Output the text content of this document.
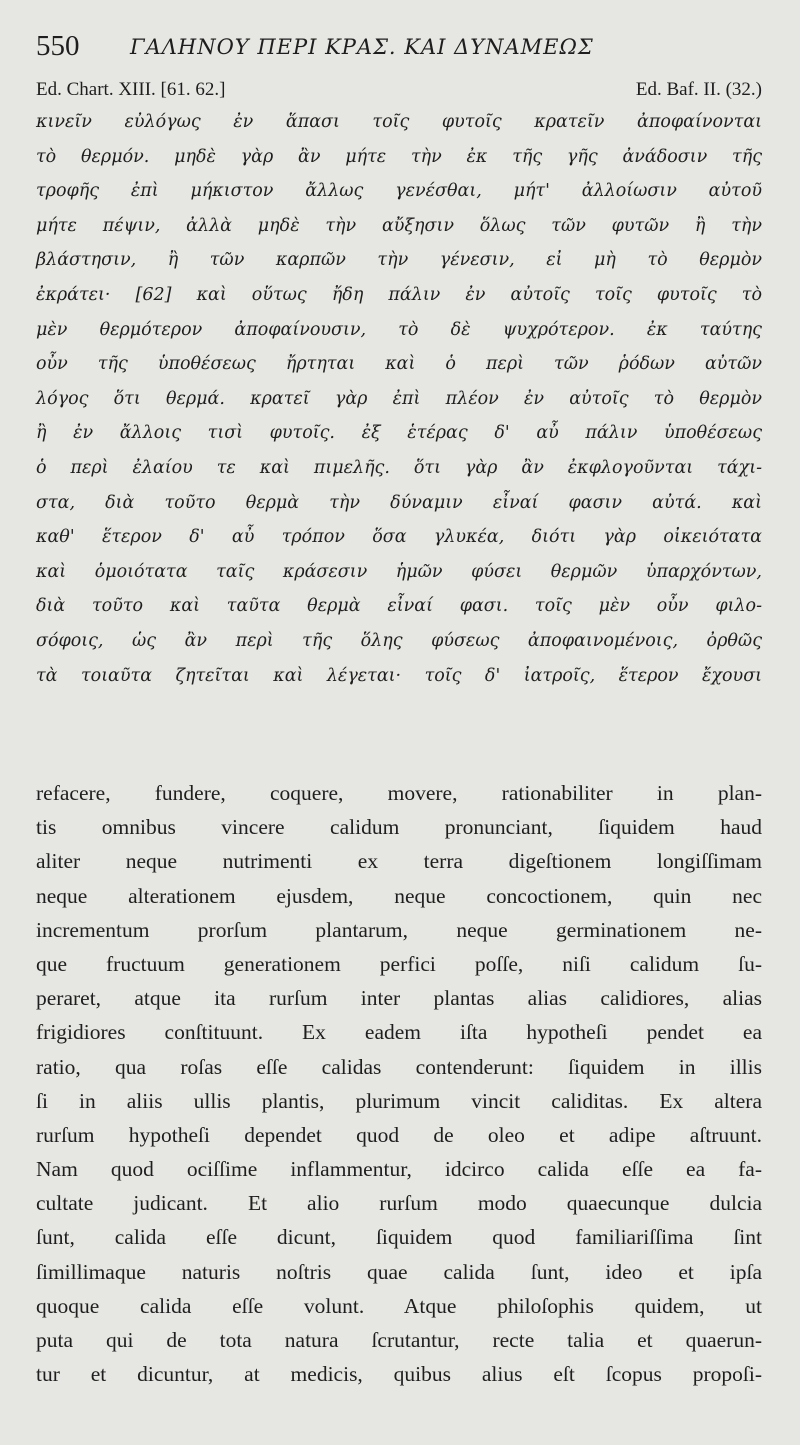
550 ΓΑΛΗΝΟΥ ΠΕΡΙ ΚΡΑΣ. ΚΑΙ ΔΥΝΑΜΕΩΣ
Ed. Chart. XIII. [61. 62.]	Ed. Baf. II. (32.)
κινεῖν εὐλόγως ἐν ἅπασι τοῖς φυτοῖς κρατεῖν ἀποφαίνονται
τὸ θερμόν. μηδὲ γὰρ ἂν μήτε τὴν ἐκ τῆς γῆς ἀνάδοσιν τῆς
τροφῆς ἐπὶ μήκιστον ἄλλως γενέσθαι, μήτ' ἀλλοίωσιν αὐτοῦ
μήτε πέψιν, ἀλλὰ μηδὲ τὴν αὔξησιν ὅλως τῶν φυτῶν ἢ τὴν
βλάστησιν, ἢ τῶν καρπῶν τὴν γένεσιν, εἰ μὴ τὸ θερμὸν
ἐκράτει· [62] καὶ οὕτως ἤδη πάλιν ἐν αὐτοῖς τοῖς φυτοῖς τὸ
μὲν θερμότερον ἀποφαίνουσιν, τὸ δὲ ψυχρότερον. ἐκ ταύτης
οὖν τῆς ὑποθέσεως ἤρτηται καὶ ὁ περὶ τῶν ῥόδων αὐτῶν
λόγος ὅτι θερμά. κρατεῖ γὰρ ἐπὶ πλέον ἐν αὐτοῖς τὸ θερμὸν
ἢ ἐν ἄλλοις τισὶ φυτοῖς. ἐξ ἑτέρας δ' αὖ πάλιν ὑποθέσεως
ὁ περὶ ἐλαίου τε καὶ πιμελῆς. ὅτι γὰρ ἂν ἐκφλογοῦνται τάχι-
στα, διὰ τοῦτο θερμὰ τὴν δύναμιν εἶναί φασιν αὐτά. καὶ
καθ' ἕτερον δ' αὖ τρόπον ὅσα γλυκέα, διότι γὰρ οἰκειότατα
καὶ ὁμοιότατα ταῖς κράσεσιν ἡμῶν φύσει θερμῶν ὑπαρχόντων,
διὰ τοῦτο καὶ ταῦτα θερμὰ εἶναί φασι. τοῖς μὲν οὖν φιλο-
σόφοις, ὡς ἂν περὶ τῆς ὅλης φύσεως ἀποφαινομένοις, ὀρθῶς
τὰ τοιαῦτα ζητεῖται καὶ λέγεται· τοῖς δ' ἰατροῖς, ἕτερον ἔχουσι
refacere, fundere, coquere, movere, rationabiliter in plan-
tis omnibus vincere calidum pronunciant, ſiquidem haud
aliter neque nutrimenti ex terra digeſtionem longiſſimam
neque alterationem ejusdem, neque concoctionem, quin nec
incrementum prorſum plantarum, neque germinationem ne-
que fructuum generationem perfici poſſe, niſi calidum ſu-
peraret, atque ita rurſum inter plantas alias calidiores, alias
frigidiores conſtituunt. Ex eadem iſta hypotheſi pendet ea
ratio, qua roſas eſſe calidas contenderunt: ſiquidem in illis
ſi in aliis ullis plantis, plurimum vincit caliditas. Ex altera
rurſum hypotheſi dependet quod de oleo et adipe aſtruunt.
Nam quod ociſſime inflammentur, idcirco calida eſſe ea fa-
cultate judicant. Et alio rurſum modo quaecunque dulcia
ſunt, calida eſſe dicunt, ſiquidem quod familiariſſima ſint
ſimillimaque naturis noſtris quae calida ſunt, ideo et ipſa
quoque calida eſſe volunt. Atque philoſophis quidem, ut
puta qui de tota natura ſcrutantur, recte talia et quaerun-
tur et dicuntur, at medicis, quibus alius eſt ſcopus propoſi-
